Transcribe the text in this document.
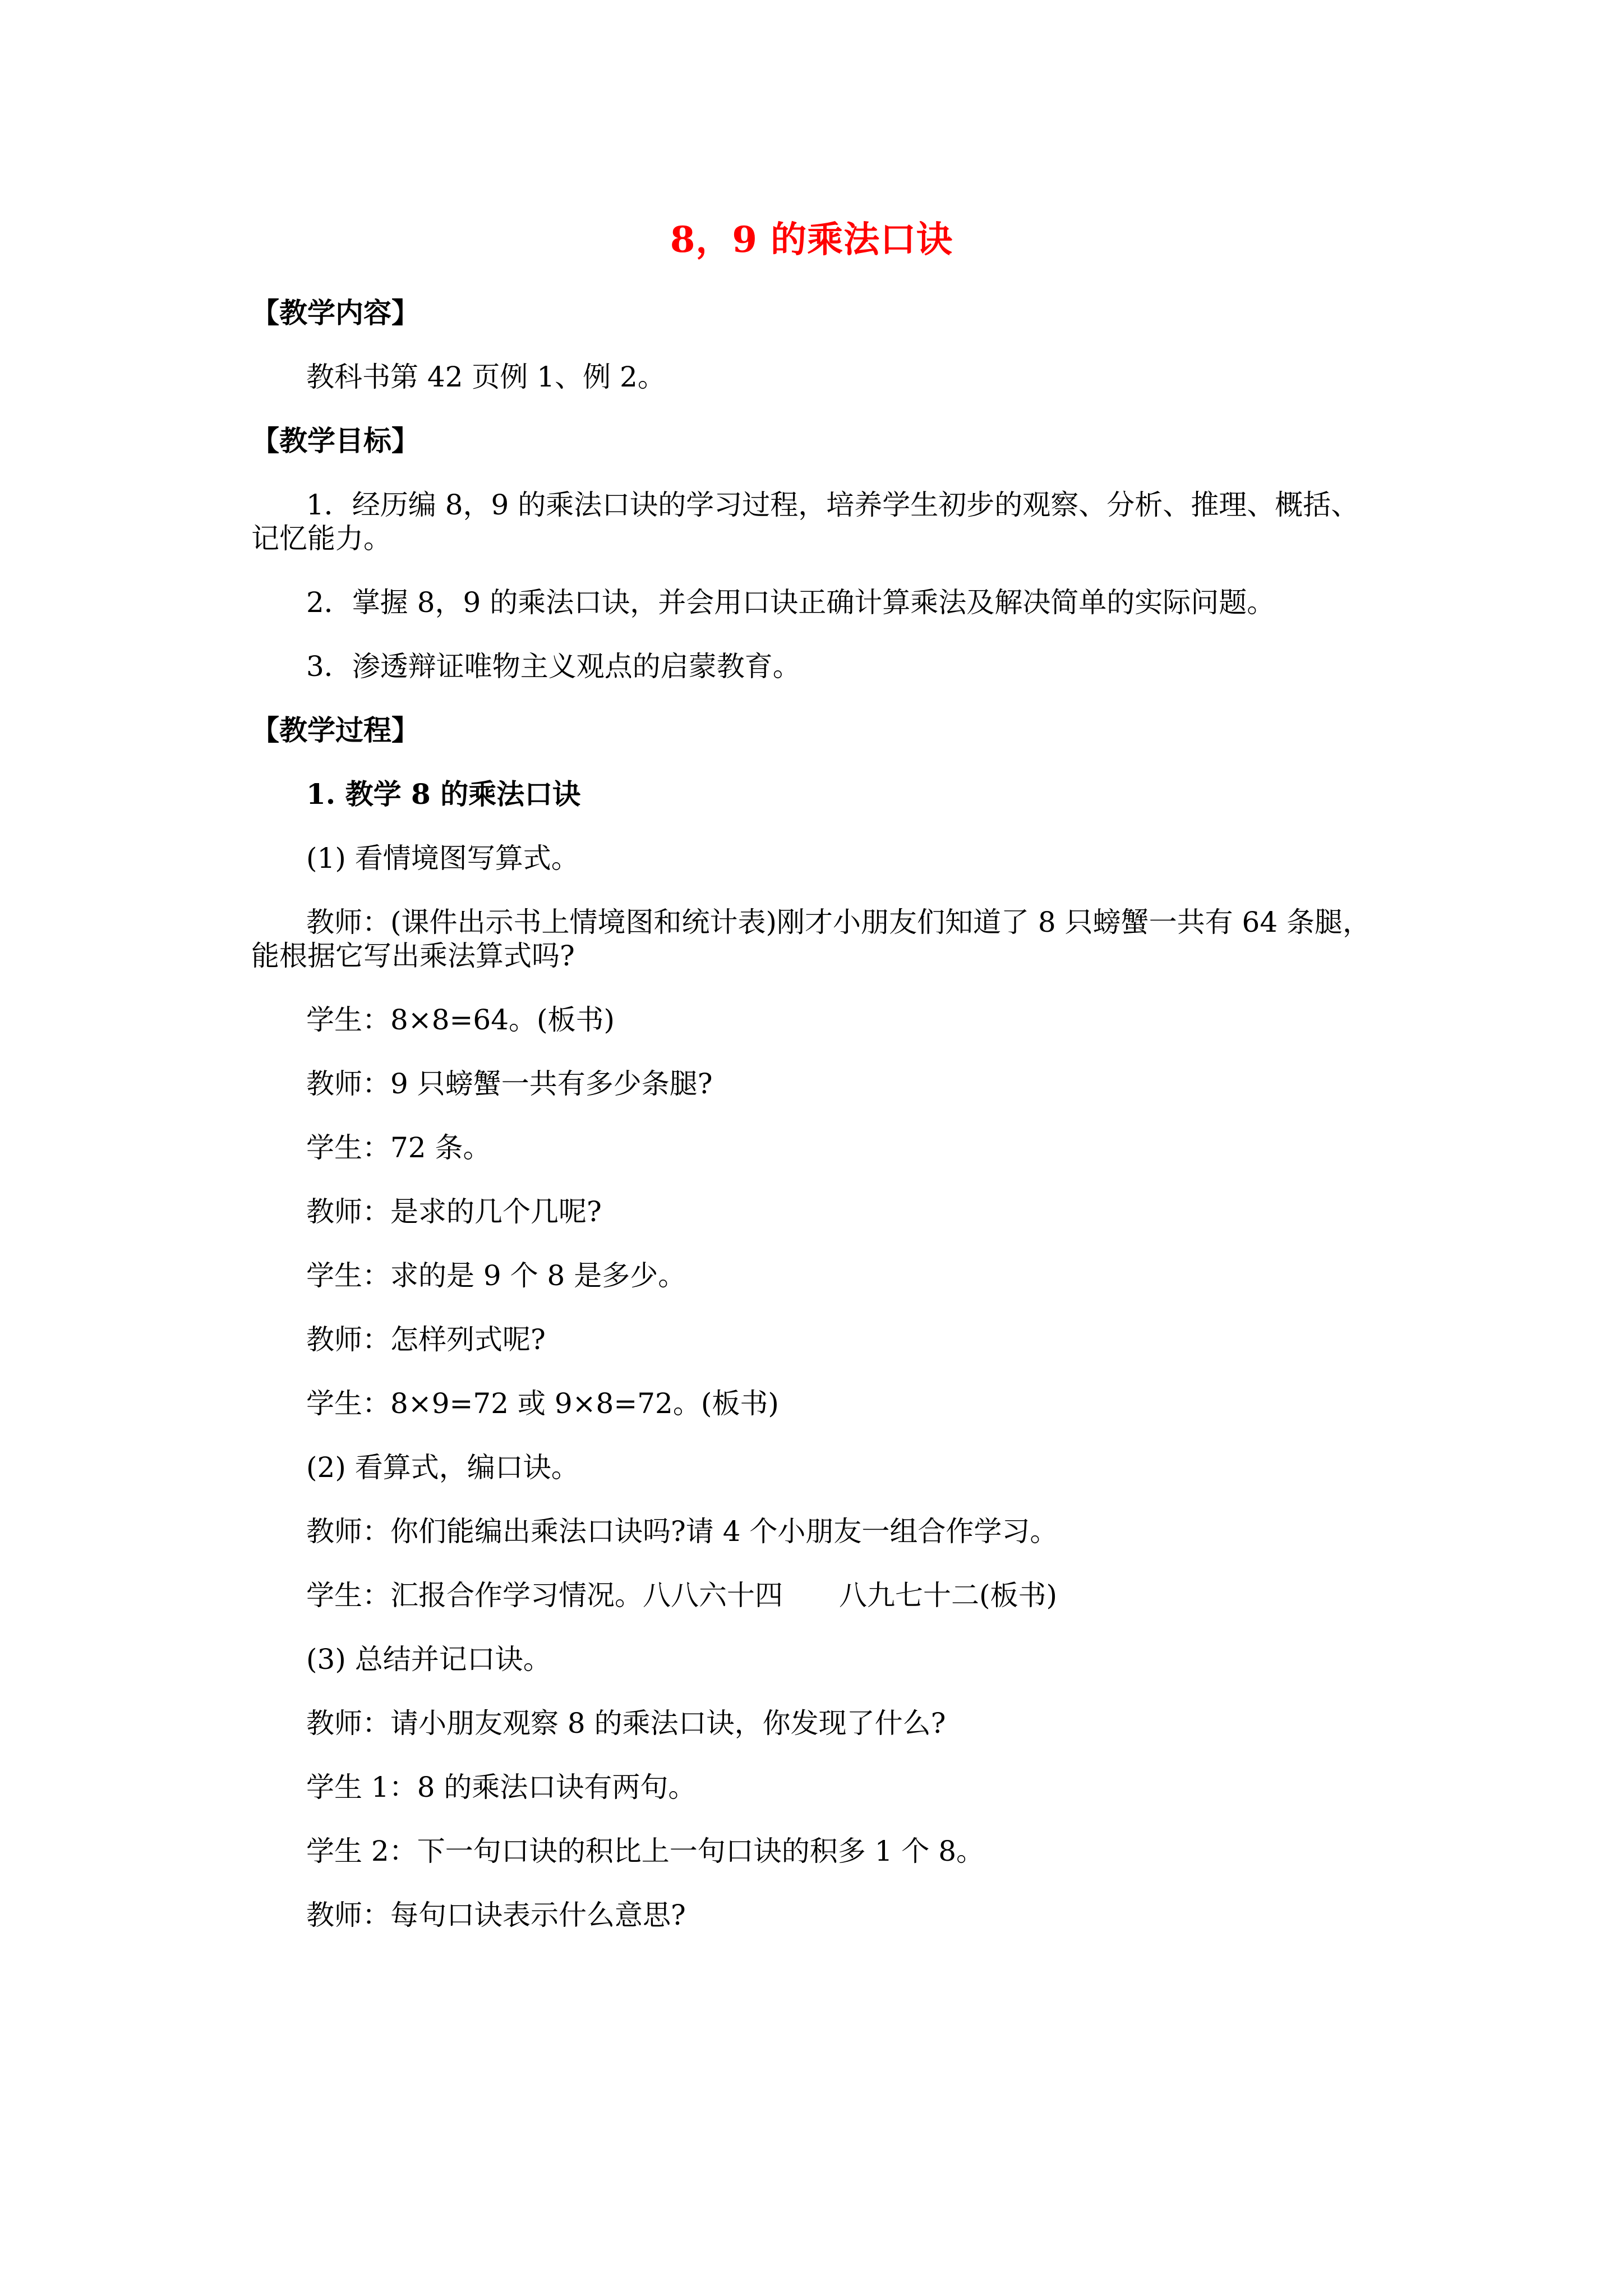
8，9 的乘法口诀
【教学内容】
教科书第 42 页例 1、例 2。
【教学目标】
1．经历编 8，9 的乘法口诀的学习过程，培养学生初步的观察、分析、推理、概括、记忆能力。
2．掌握 8，9 的乘法口诀，并会用口诀正确计算乘法及解决简单的实际问题。
3．渗透辩证唯物主义观点的启蒙教育。
【教学过程】
1. 教学 8 的乘法口诀
(1) 看情境图写算式。
教师：(课件出示书上情境图和统计表)刚才小朋友们知道了 8 只螃蟹一共有 64 条腿，能根据它写出乘法算式吗?
学生：8×8=64。(板书)
教师：9 只螃蟹一共有多少条腿?
学生：72 条。
教师：是求的几个几呢?
学生：求的是 9 个 8 是多少。
教师：怎样列式呢?
学生：8×9=72 或 9×8=72。(板书)
(2) 看算式，编口诀。
教师：你们能编出乘法口诀吗?请 4 个小朋友一组合作学习。
学生：汇报合作学习情况。八八六十四 八九七十二(板书)
(3) 总结并记口诀。
教师：请小朋友观察 8 的乘法口诀，你发现了什么?
学生 1：8 的乘法口诀有两句。
学生 2：下一句口诀的积比上一句口诀的积多 1 个 8。
教师：每句口诀表示什么意思?
